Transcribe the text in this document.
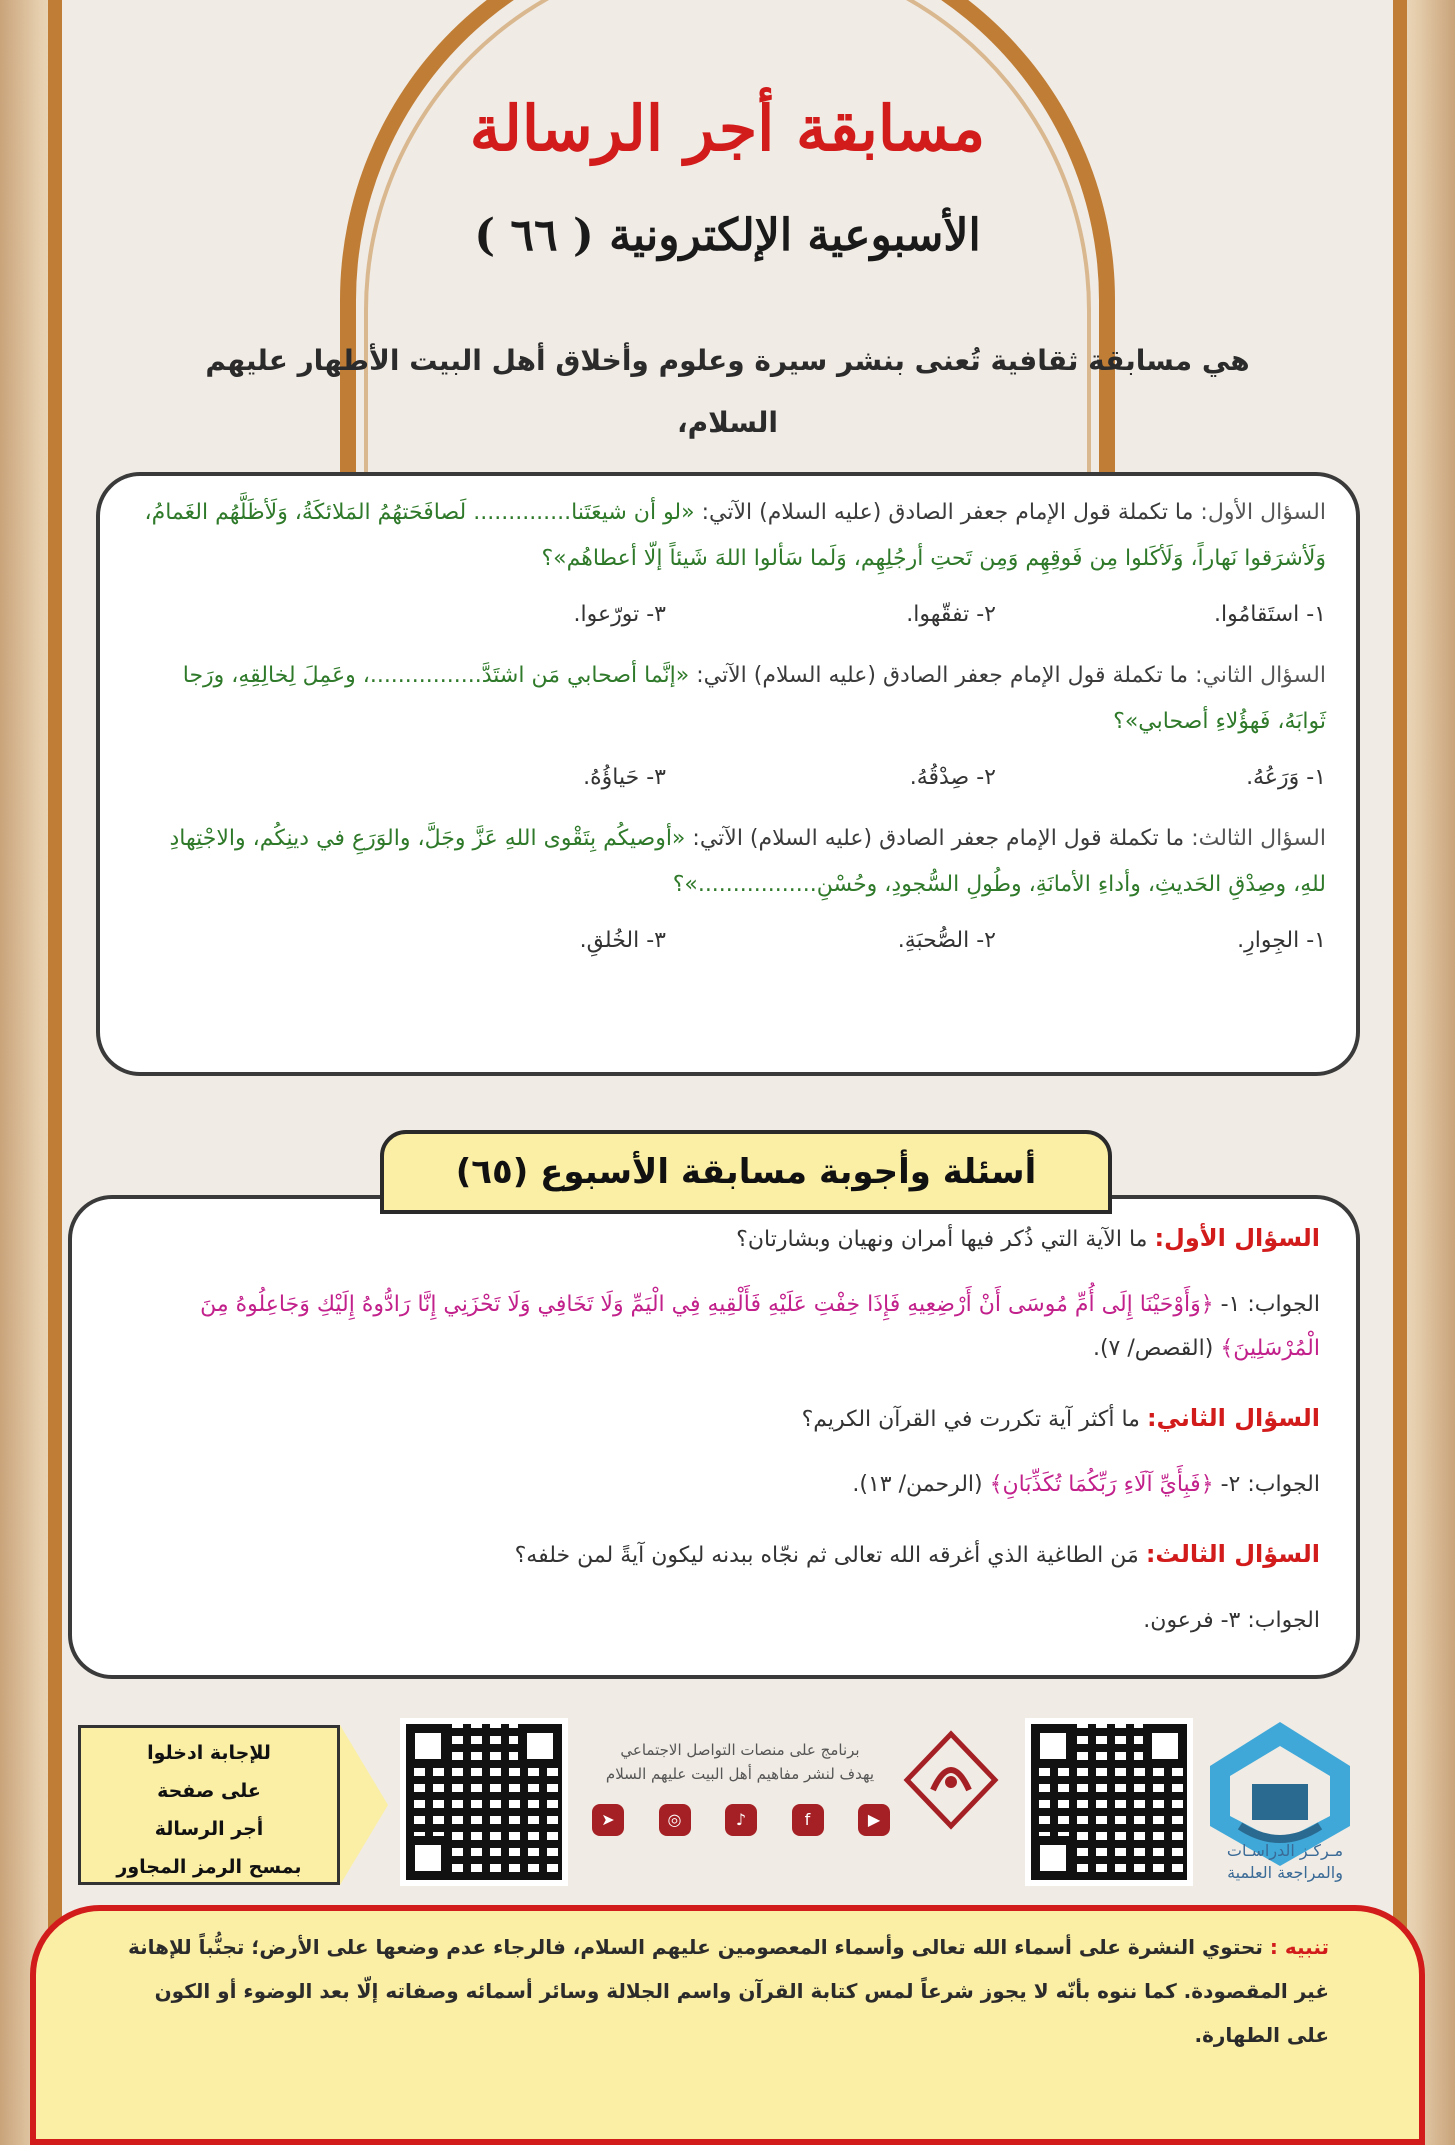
مسابقة أجر الرسالة
الأسبوعية الإلكترونية ( ٦٦ )
هي مسابقة ثقافية تُعنى بنشر سيرة وعلوم وأخلاق أهل البيت الأطهار عليهم السلام،
السؤال الأول: ما تكملة قول الإمام جعفر الصادق (عليه السلام) الآتي: «لو أن شيعَتَنا.............. لَصافَحَتهُمُ المَلائكَةُ، وَلَأظَلَّهُم الغَمامُ، وَلَأشرَقوا نَهاراً، وَلَأكَلوا مِن فَوقِهِم وَمِن تَحتِ أرجُلِهِم، وَلَما سَألوا اللهَ شَيئاً إلّا أعطاهُم»؟
١- استَقامُوا.
٢- تفقّهوا.
٣- تورّعوا.
السؤال الثاني: ما تكملة قول الإمام جعفر الصادق (عليه السلام) الآتي: «إنَّما أصحابي مَن اشتَدَّ................، وعَمِلَ لِخالِقِهِ، ورَجا ثَوابَهُ، فَهؤُلاءِ أصحابي»؟
١- وَرَعُهُ.
٢- صِدْقُهُ.
٣- حَياؤُهُ.
السؤال الثالث: ما تكملة قول الإمام جعفر الصادق (عليه السلام) الآتي: «أوصيكُم بِتَقْوى اللهِ عَزَّ وجَلَّ، والوَرَعِ في دينِكُم، والاجْتِهادِ للهِ، وصِدْقِ الحَديثِ، وأداءِ الأمانَةِ، وطُولِ السُّجودِ، وحُسْنِ.................»؟
١- الجِوارِ.
٢- الصُّحبَةِ.
٣- الخُلقِ.
السؤال الأول: ما الآية التي ذُكر فيها أمران ونهيان وبشارتان؟
الجواب: ١- ﴿وَأَوْحَيْنَا إِلَى أُمِّ مُوسَى أَنْ أَرْضِعِيهِ فَإِذَا خِفْتِ عَلَيْهِ فَأَلْقِيهِ فِي الْيَمِّ وَلَا تَخَافِي وَلَا تَحْزَنِي إِنَّا رَادُّوهُ إِلَيْكِ وَجَاعِلُوهُ مِنَ الْمُرْسَلِينَ﴾ (القصص/ ٧).
السؤال الثاني: ما أكثر آية تكررت في القرآن الكريم؟
الجواب: ٢- ﴿فَبِأَيِّ آلَاءِ رَبِّكُمَا تُكَذِّبَانِ﴾ (الرحمن/ ١٣).
السؤال الثالث: مَن الطاغية الذي أغرقه الله تعالى ثم نجّاه ببدنه ليكون آيةً لمن خلفه؟
الجواب: ٣- فرعون.
أسئلة وأجوبة مسابقة الأسبوع (٦٥)
للإجابة ادخلوا
على صفحة
أجر الرسالة
بمسح الرمز المجاور
برنامج على منصات التواصل الاجتماعي
يهدف لنشر مفاهيم أهل البيت عليهم السلام
➤	◎	♪	f	▶
مـركـز الدراسـات
والمراجعة العلمية
تنبيه : تحتوي النشرة على أسماء الله تعالى وأسماء المعصومين عليهم السلام، فالرجاء عدم وضعها على الأرض؛ تجنُّباً للإهانة غير المقصودة. كما ننوه بأنّه لا يجوز شرعاً لمس كتابة القرآن واسم الجلالة وسائر أسمائه وصفاته إلّا بعد الوضوء أو الكون على الطهارة.
